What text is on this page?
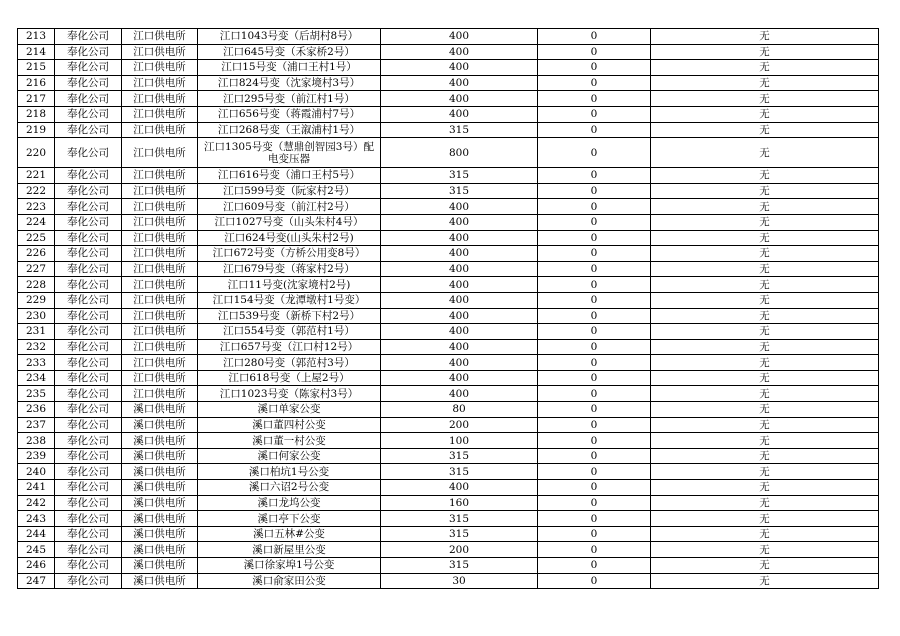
213	奉化公司	江口供电所	江口1043号变（后胡村8号）	400	0	无
214	奉化公司	江口供电所	江口645号变（禾家桥2号）	400	0	无
215	奉化公司	江口供电所	江口15号变（浦口王村1号）	400	0	无
216	奉化公司	江口供电所	江口824号变（沈家境村3号）	400	0	无
217	奉化公司	江口供电所	江口295号变（前江村1号）	400	0	无
218	奉化公司	江口供电所	江口656号变（蒋霞浦村7号）	400	0	无
219	奉化公司	江口供电所	江口268号变（王溆浦村1号）	315	0	无
220	奉化公司	江口供电所	江口1305号变（慧鼎创智园3号）配电变压器	800	0	无
221	奉化公司	江口供电所	江口616号变（浦口王村5号）	315	0	无
222	奉化公司	江口供电所	江口599号变（阮家村2号）	315	0	无
223	奉化公司	江口供电所	江口609号变（前江村2号）	400	0	无
224	奉化公司	江口供电所	江口1027号变（山头朱村4号）	400	0	无
225	奉化公司	江口供电所	江口624号变(山头朱村2号)	400	0	无
226	奉化公司	江口供电所	江口672号变（方桥公用变8号）	400	0	无
227	奉化公司	江口供电所	江口679号变（蒋家村2号）	400	0	无
228	奉化公司	江口供电所	江口11号变(沈家境村2号)	400	0	无
229	奉化公司	江口供电所	江口154号变（龙潭墩村1号变）	400	0	无
230	奉化公司	江口供电所	江口539号变（新桥下村2号）	400	0	无
231	奉化公司	江口供电所	江口554号变（郭范村1号）	400	0	无
232	奉化公司	江口供电所	江口657号变（江口村12号）	400	0	无
233	奉化公司	江口供电所	江口280号变（郭范村3号）	400	0	无
234	奉化公司	江口供电所	江口618号变（上屋2号）	400	0	无
235	奉化公司	江口供电所	江口1023号变（陈家村3号）	400	0	无
236	奉化公司	溪口供电所	溪口单家公变	80	0	无
237	奉化公司	溪口供电所	溪口董四村公变	200	0	无
238	奉化公司	溪口供电所	溪口董一村公变	100	0	无
239	奉化公司	溪口供电所	溪口何家公变	315	0	无
240	奉化公司	溪口供电所	溪口柏坑1号公变	315	0	无
241	奉化公司	溪口供电所	溪口六诏2号公变	400	0	无
242	奉化公司	溪口供电所	溪口龙坞公变	160	0	无
243	奉化公司	溪口供电所	溪口亭下公变	315	0	无
244	奉化公司	溪口供电所	溪口五林#公变	315	0	无
245	奉化公司	溪口供电所	溪口新屋里公变	200	0	无
246	奉化公司	溪口供电所	溪口徐家埠1号公变	315	0	无
247	奉化公司	溪口供电所	溪口俞家田公变	30	0	无
